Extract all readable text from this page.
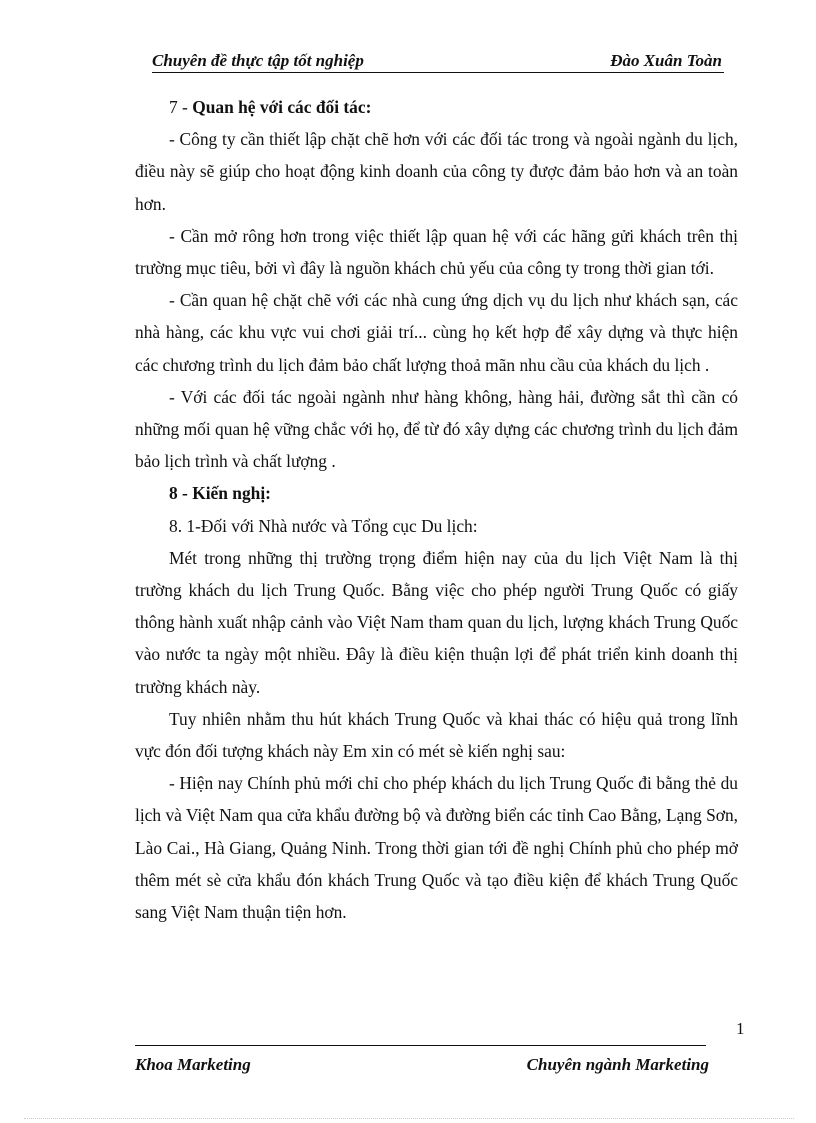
Chuyên đề thực tập tốt nghiệp	Đào Xuân Toàn

7 - Quan hệ với các đối tác:

- Công ty cần thiết lập chặt chẽ hơn với các đối tác trong và ngoài ngành du lịch, điều này sẽ giúp cho hoạt động kinh doanh của công ty được đảm bảo hơn và an toàn hơn.

- Cần mở rông hơn trong việc thiết lập quan hệ với các hãng gửi khách trên thị trường mục tiêu, bởi vì đây là nguồn khách chủ yếu của công ty trong thời gian tới.

- Cần quan hệ chặt chẽ với các nhà cung ứng dịch vụ du lịch như khách sạn, các nhà hàng, các khu vực vui chơi giải trí... cùng họ kết hợp để xây dựng và thực hiện các chương trình du lịch đảm bảo chất lượng thoả mãn nhu cầu của khách du lịch .

- Với các đối tác ngoài ngành như hàng không, hàng hải, đường sắt thì cần có những mối quan hệ vững chắc với họ, để từ đó xây dựng các chương trình du lịch đảm bảo lịch trình và chất lượng .

8 - Kiến nghị:

8. 1-Đối với Nhà nước và Tổng cục Du lịch:

Mét trong những thị trường trọng điểm hiện nay của du lịch Việt Nam là thị trường khách du lịch Trung Quốc. Bằng việc cho phép người Trung Quốc có giấy thông hành xuất nhập cảnh vào Việt Nam tham quan du lịch, lượng khách Trung Quốc vào nước ta ngày một nhiều. Đây là điều kiện thuận lợi để phát triển kinh doanh thị trường khách này.

Tuy nhiên nhằm thu hút khách Trung Quốc và khai thác có hiệu quả trong lĩnh vực đón đối tượng khách này Em xin có mét sè kiến nghị sau:

- Hiện nay Chính phủ mới chỉ cho phép khách du lịch Trung Quốc đi bằng thẻ du lịch và Việt Nam qua cửa khẩu đường bộ và đường biển các tỉnh Cao Bằng, Lạng Sơn, Lào Cai., Hà Giang, Quảng Ninh. Trong thời gian tới đề nghị Chính phủ cho phép mở thêm mét sè cửa khẩu đón khách Trung Quốc và tạo điều kiện để khách Trung Quốc sang Việt Nam thuận tiện hơn.

1
Khoa Marketing	Chuyên ngành Marketing
